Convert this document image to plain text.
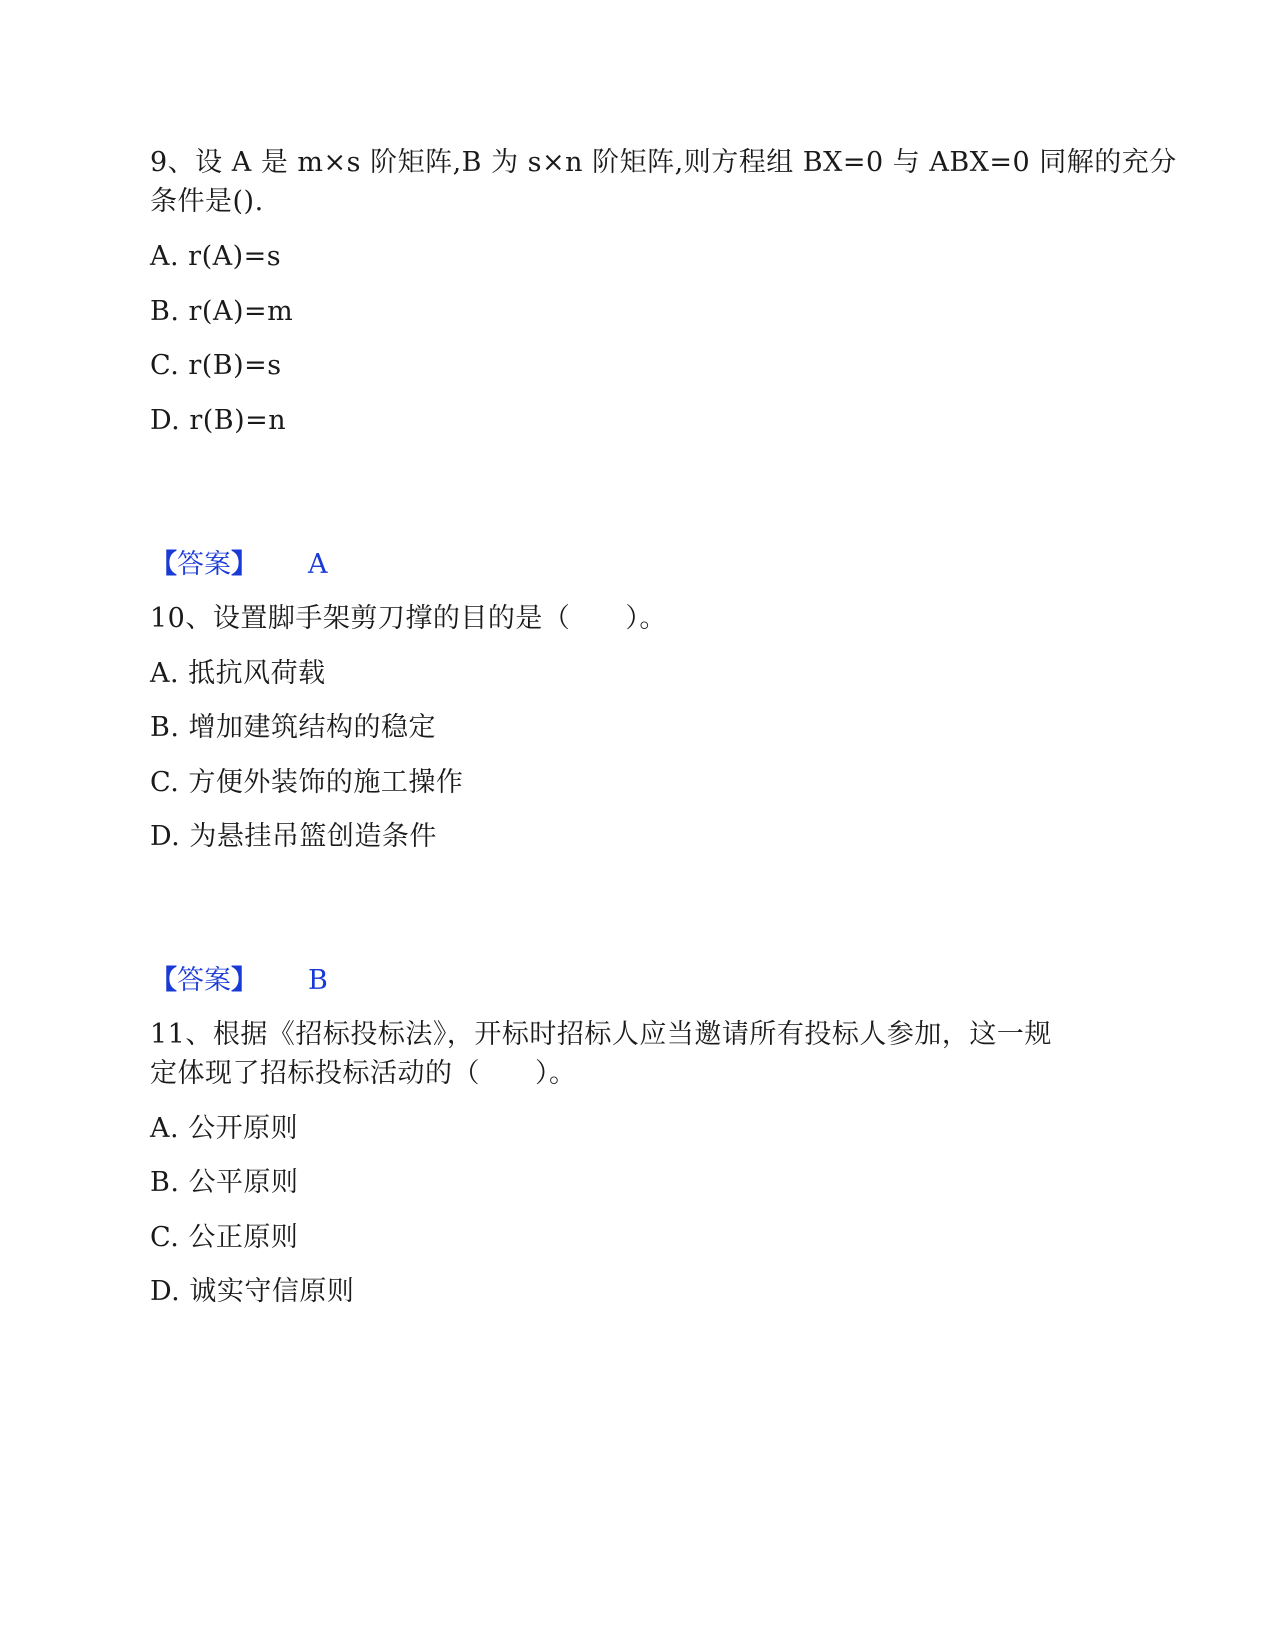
9、设 A 是 m×s 阶矩阵,B 为 s×n 阶矩阵,则方程组 BX=0 与 ABX=0 同解的充分
条件是().
A. r(A)=s
B. r(A)=m
C. r(B)=s
D. r(B)=n
【答案】 A
10、设置脚手架剪刀撑的目的是（　　）。
A. 抵抗风荷载
B. 增加建筑结构的稳定
C. 方便外装饰的施工操作
D. 为悬挂吊篮创造条件
【答案】 B
11、根据《招标投标法》，开标时招标人应当邀请所有投标人参加，这一规
定体现了招标投标活动的（　　）。
A. 公开原则
B. 公平原则
C. 公正原则
D. 诚实守信原则
